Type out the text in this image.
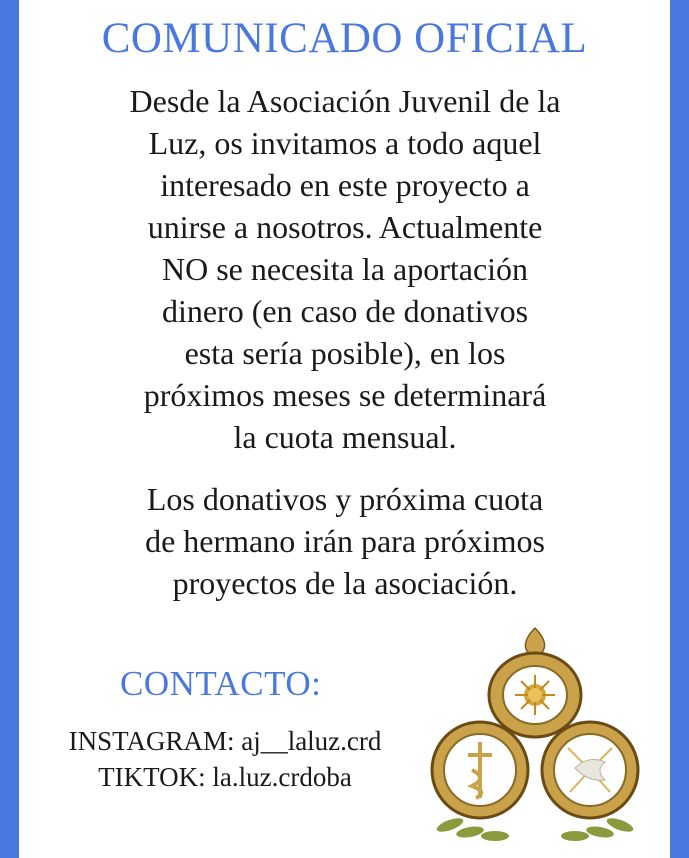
COMUNICADO OFICIAL
Desde la Asociación Juvenil de la
Luz, os invitamos a todo aquel
interesado en este proyecto a
unirse a nosotros. Actualmente
NO se necesita la aportación
dinero (en caso de donativos
esta sería posible), en los
próximos meses se determinará
la cuota mensual.
Los donativos y próxima cuota
de hermano irán para próximos
proyectos de la asociación.
CONTACTO:
INSTAGRAM: aj__laluz.crd
TIKTOK: la.luz.crdoba
